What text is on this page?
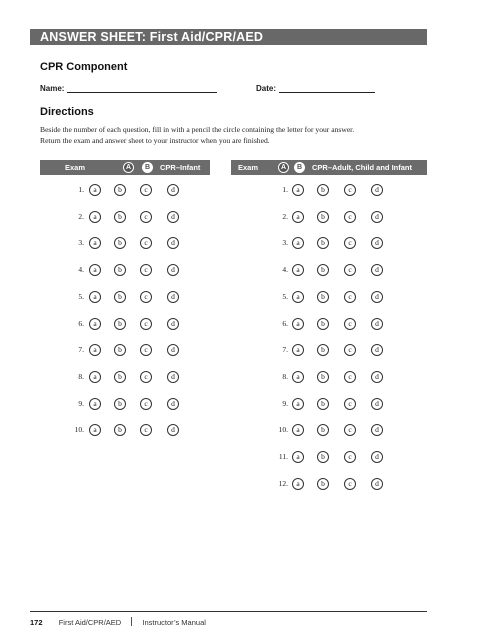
ANSWER SHEET: First Aid/CPR/AED
CPR Component
Name:	Date:
Directions
Beside the number of each question, fill in with a pencil the circle containing the letter for your answer.
Return the exam and answer sheet to your instructor when you are finished.
Exam	A	B	CPR–Infant	Exam	A	B	CPR–Adult, Child and Infant
1.	a	b	c	d
2.	a	b	c	d
3.	a	b	c	d
4.	a	b	c	d
5.	a	b	c	d
6.	a	b	c	d
7.	a	b	c	d
8.	a	b	c	d
9.	a	b	c	d
10.	a	b	c	d
1.	a	b	c	d
2.	a	b	c	d
3.	a	b	c	d
4.	a	b	c	d
5.	a	b	c	d
6.	a	b	c	d
7.	a	b	c	d
8.	a	b	c	d
9.	a	b	c	d
10.	a	b	c	d
11.	a	b	c	d
12.	a	b	c	d
172 First Aid/CPR/AED	Instructor’s Manual
